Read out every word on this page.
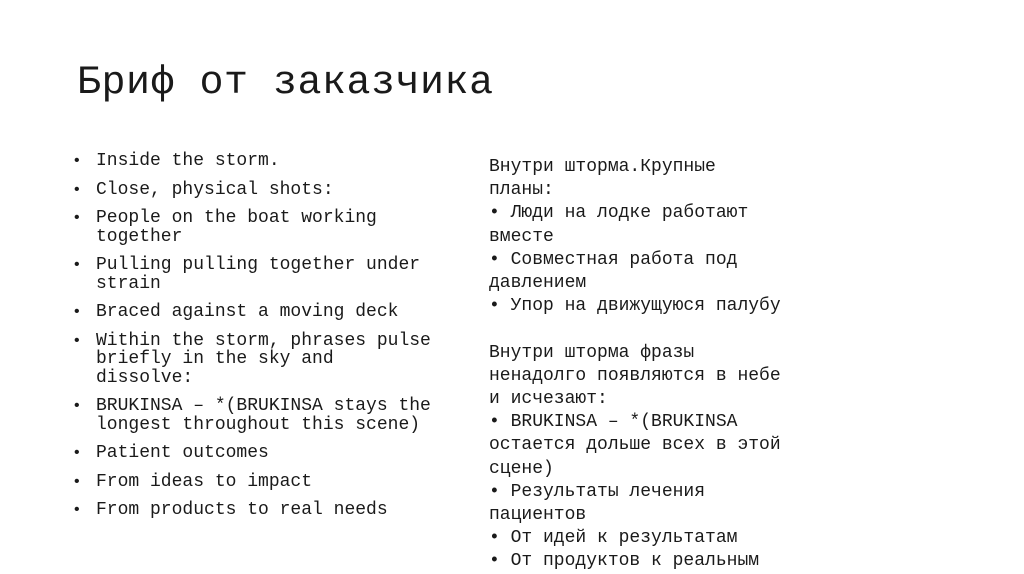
Бриф от заказчика
• Inside the storm.
• Close, physical shots:
• People on the boat working together
• Pulling pulling together under strain
• Braced against a moving deck
• Within the storm, phrases pulse briefly in the sky and dissolve:
• BRUKINSA – *(BRUKINSA stays the longest throughout this scene)
• Patient outcomes
• From ideas to impact
• From products to real needs
Внутри шторма.Крупные
планы:
• Люди на лодке работают
вместе
• Совместная работа под
давлением
• Упор на движущуюся палубу
Внутри шторма фразы
ненадолго появляются в небе
и исчезают:
• BRUKINSA – *(BRUKINSA
остается дольше всех в этой
сцене)
• Результаты лечения
пациентов
• От идей к результатам
• От продуктов к реальным
